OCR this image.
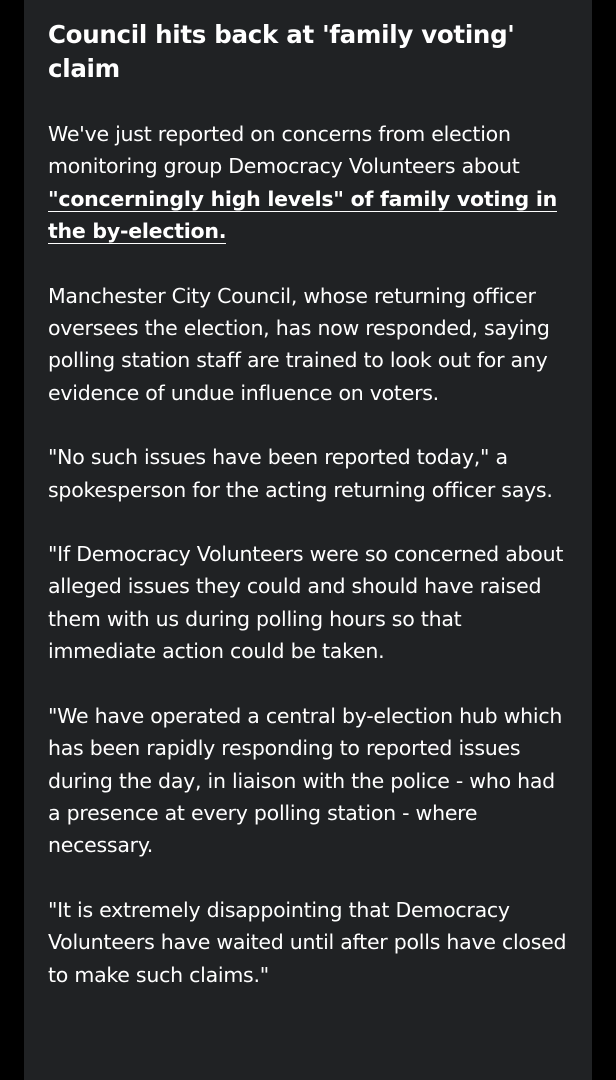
Council hits back at 'family voting' claim

We've just reported on concerns from election monitoring group Democracy Volunteers about "concerningly high levels" of family voting in the by-election.

Manchester City Council, whose returning officer oversees the election, has now responded, saying polling station staff are trained to look out for any evidence of undue influence on voters.

"No such issues have been reported today," a spokesperson for the acting returning officer says.

"If Democracy Volunteers were so concerned about alleged issues they could and should have raised them with us during polling hours so that immediate action could be taken.

"We have operated a central by-election hub which has been rapidly responding to reported issues during the day, in liaison with the police - who had a presence at every polling station - where necessary.

"It is extremely disappointing that Democracy Volunteers have waited until after polls have closed to make such claims."
